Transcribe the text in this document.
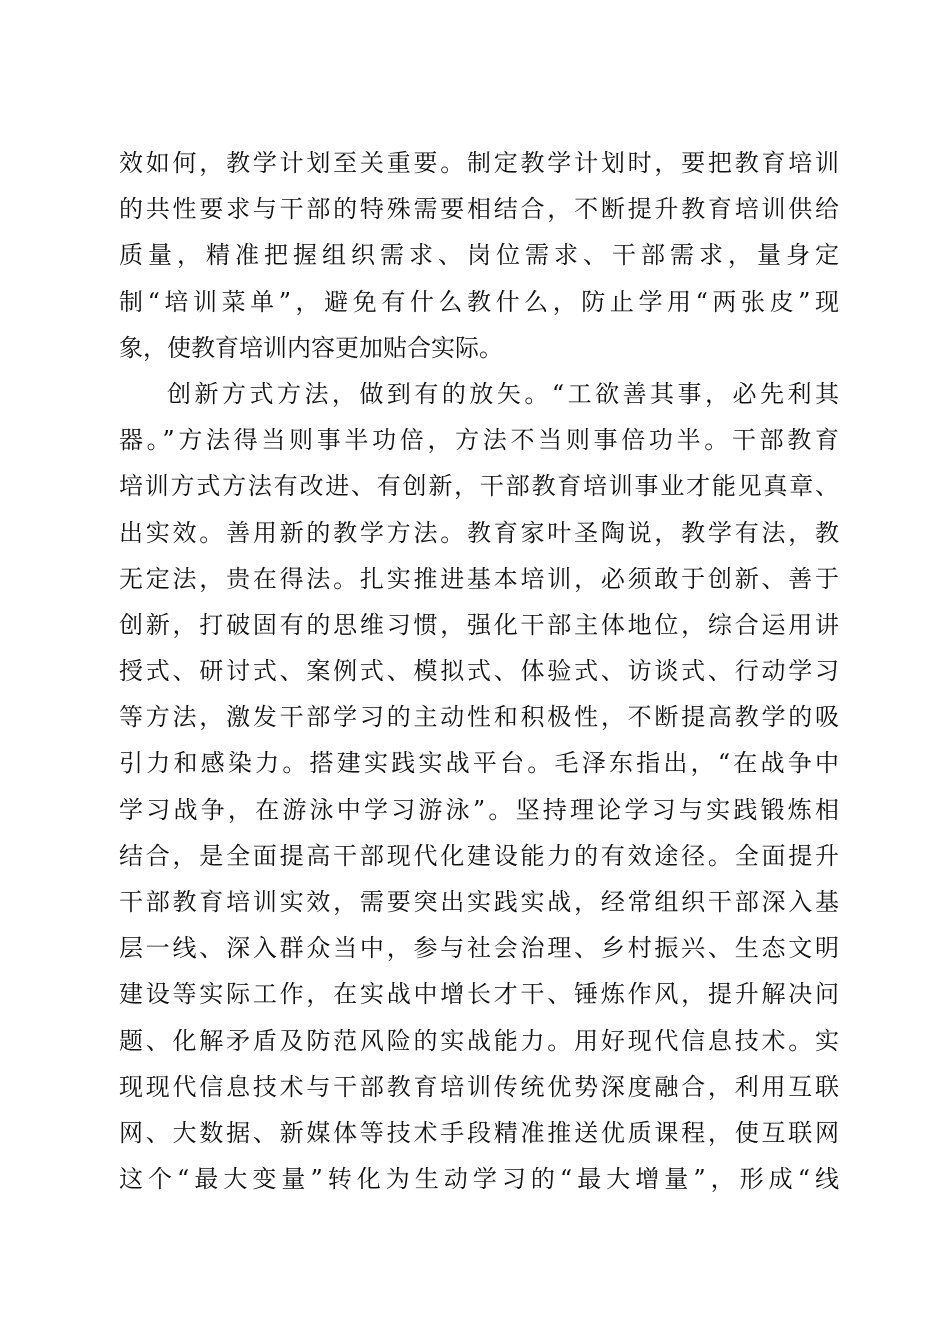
效如何，教学计划至关重要。制定教学计划时，要把教育培训
的共性要求与干部的特殊需要相结合，不断提升教育培训供给
质量，精准把握组织需求、岗位需求、干部需求，量身定
制“培训菜单”，避免有什么教什么，防止学用“两张皮”现
象，使教育培训内容更加贴合实际。
创新方式方法，做到有的放矢。“工欲善其事，必先利其
器。”方法得当则事半功倍，方法不当则事倍功半。干部教育
培训方式方法有改进、有创新，干部教育培训事业才能见真章、
出实效。善用新的教学方法。教育家叶圣陶说，教学有法，教
无定法，贵在得法。扎实推进基本培训，必须敢于创新、善于
创新，打破固有的思维习惯，强化干部主体地位，综合运用讲
授式、研讨式、案例式、模拟式、体验式、访谈式、行动学习
等方法，激发干部学习的主动性和积极性，不断提高教学的吸
引力和感染力。搭建实践实战平台。毛泽东指出，“在战争中
学习战争，在游泳中学习游泳”。坚持理论学习与实践锻炼相
结合，是全面提高干部现代化建设能力的有效途径。全面提升
干部教育培训实效，需要突出实践实战，经常组织干部深入基
层一线、深入群众当中，参与社会治理、乡村振兴、生态文明
建设等实际工作，在实战中增长才干、锤炼作风，提升解决问
题、化解矛盾及防范风险的实战能力。用好现代信息技术。实
现现代信息技术与干部教育培训传统优势深度融合，利用互联
网、大数据、新媒体等技术手段精准推送优质课程，使互联网
这个“最大变量”转化为生动学习的“最大增量”，形成“线
